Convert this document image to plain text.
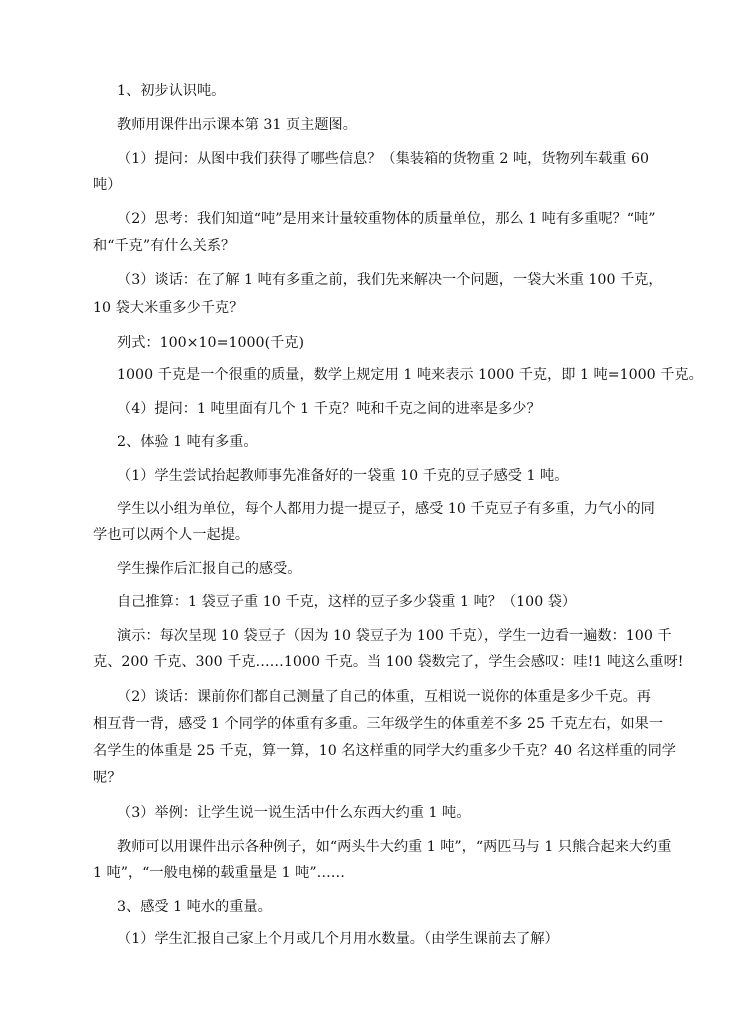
1、初步认识吨。

教师用课件出示课本第 31 页主题图。

（1）提问：从图中我们获得了哪些信息？（集装箱的货物重 2 吨，货物列车载重 60

吨）

（2）思考：我们知道“吨”是用来计量较重物体的质量单位，那么 1 吨有多重呢？“吨”

和“千克”有什么关系？

（3）谈话：在了解 1 吨有多重之前，我们先来解决一个问题，一袋大米重 100 千克，

10 袋大米重多少千克？

列式：100×10=1000(千克)

1000 千克是一个很重的质量，数学上规定用 1 吨来表示 1000 千克，即 1 吨=1000 千克。

（4）提问：1 吨里面有几个 1 千克？吨和千克之间的进率是多少？

2、体验 1 吨有多重。

（1）学生尝试抬起教师事先准备好的一袋重 10 千克的豆子感受 1 吨。

学生以小组为单位，每个人都用力提一提豆子，感受 10 千克豆子有多重，力气小的同

学也可以两个人一起提。

学生操作后汇报自己的感受。

自己推算：1 袋豆子重 10 千克，这样的豆子多少袋重 1 吨？（100 袋）

演示：每次呈现 10 袋豆子（因为 10 袋豆子为 100 千克），学生一边看一遍数：100 千

克、200 千克、300 千克……1000 千克。当 100 袋数完了，学生会感叹：哇!1 吨这么重呀!

（2）谈话：课前你们都自己测量了自己的体重，互相说一说你的体重是多少千克。再

相互背一背，感受 1 个同学的体重有多重。三年级学生的体重差不多 25 千克左右，如果一

名学生的体重是 25 千克，算一算，10 名这样重的同学大约重多少千克？40 名这样重的同学

呢？

（3）举例：让学生说一说生活中什么东西大约重 1 吨。

教师可以用课件出示各种例子，如“两头牛大约重 1 吨”，“两匹马与 1 只熊合起来大约重

1 吨”，“一般电梯的载重量是 1 吨”……

3、感受 1 吨水的重量。

（1）学生汇报自己家上个月或几个月用水数量。（由学生课前去了解）
